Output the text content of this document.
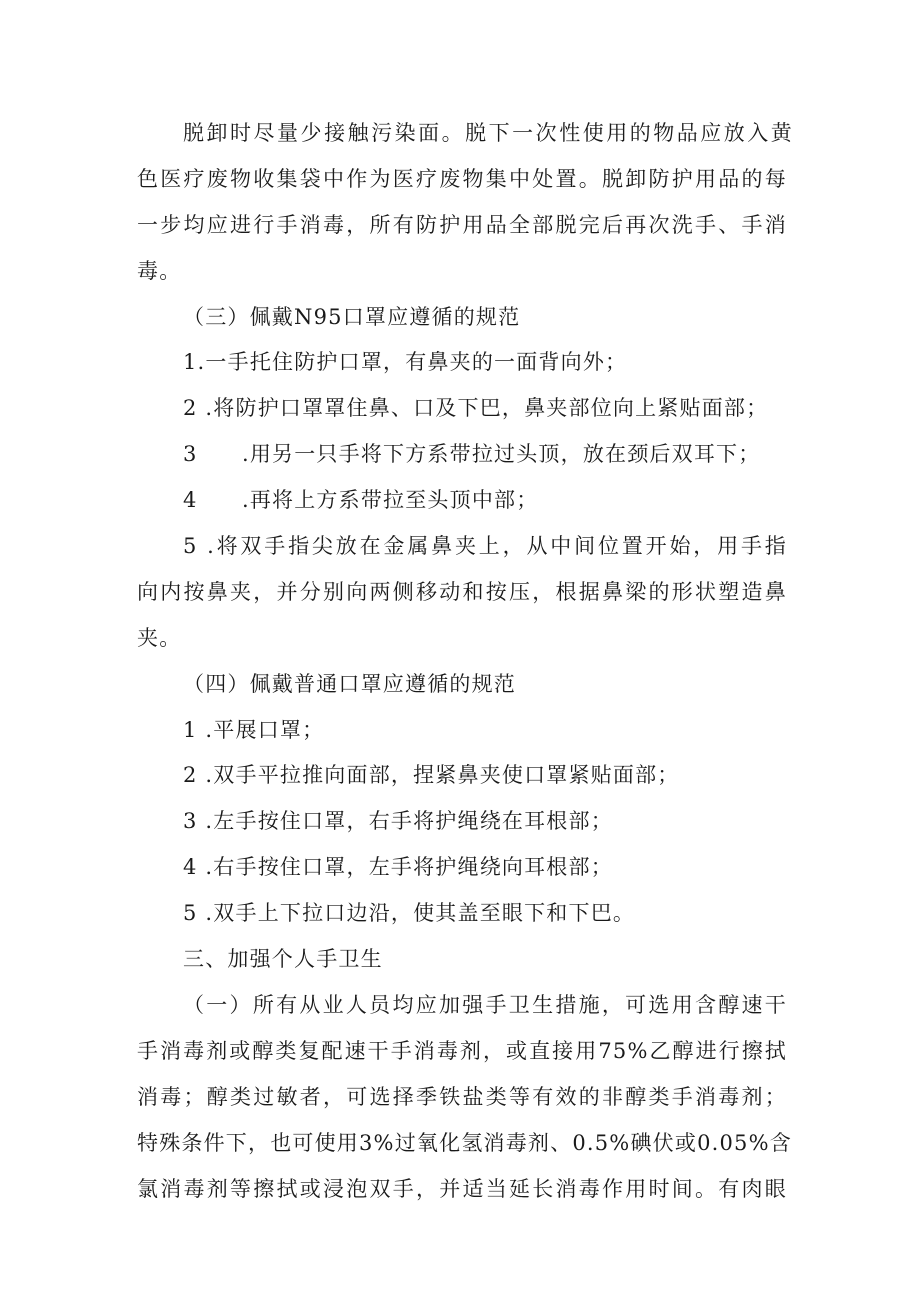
脱卸时尽量少接触污染面。脱下一次性使用的物品应放入黄
色医疗废物收集袋中作为医疗废物集中处置。脱卸防护用品的每
一步均应进行手消毒，所有防护用品全部脱完后再次洗手、手消
毒。
（三）佩戴N95口罩应遵循的规范
1.一手托住防护口罩，有鼻夹的一面背向外；
2 .将防护口罩罩住鼻、口及下巴，鼻夹部位向上紧贴面部；
3　　.用另一只手将下方系带拉过头顶，放在颈后双耳下；
4　　.再将上方系带拉至头顶中部；
5 .将双手指尖放在金属鼻夹上，从中间位置开始，用手指
向内按鼻夹，并分别向两侧移动和按压，根据鼻梁的形状塑造鼻
夹。
（四）佩戴普通口罩应遵循的规范
1 .平展口罩；
2 .双手平拉推向面部，捏紧鼻夹使口罩紧贴面部；
3 .左手按住口罩，右手将护绳绕在耳根部；
4 .右手按住口罩，左手将护绳绕向耳根部；
5 .双手上下拉口边沿，使其盖至眼下和下巴。
三、加强个人手卫生
（一）所有从业人员均应加强手卫生措施，可选用含醇速干
手消毒剂或醇类复配速干手消毒剂，或直接用75%乙醇进行擦拭
消毒；醇类过敏者，可选择季铁盐类等有效的非醇类手消毒剂；
特殊条件下，也可使用3%过氧化氢消毒剂、0.5%碘伏或0.05%含
氯消毒剂等擦拭或浸泡双手，并适当延长消毒作用时间。有肉眼
